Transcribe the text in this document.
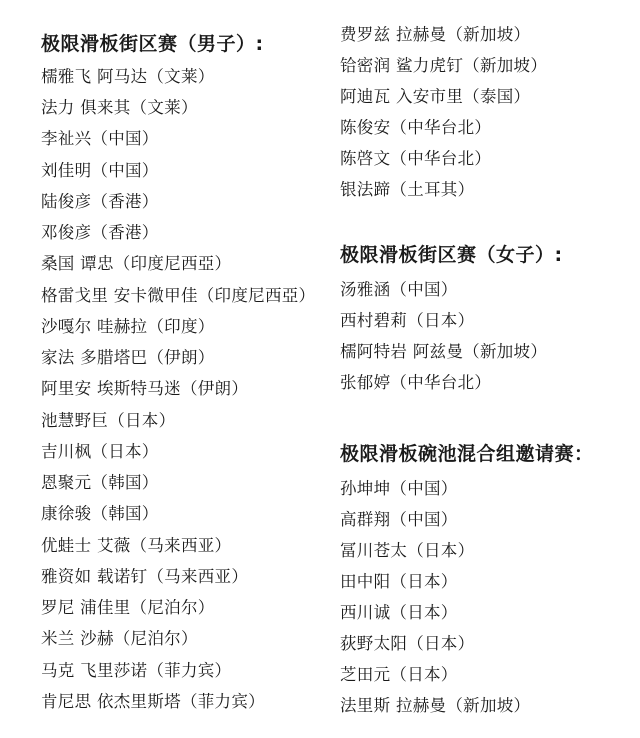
极限滑板街区赛（男子）:
檽雅飞 阿马达（文莱）
法力 俱来其（文莱）
李祉兴（中国）
刘佳明（中国）
陆俊彦（香港）
邓俊彦（香港）
桑国 谭忠（印度尼西亞）
格雷戈里 安卡微甲佳（印度尼西亞）
沙嘎尔 哇赫拉（印度）
家法 多腊塔巴（伊朗）
阿里安 埃斯特马迷（伊朗）
池慧野巨（日本）
吉川枫（日本）
恩聚元（韩国）
康徐骏（韩国）
优蛙士 艾薇（马来西亚）
雅资如 载诺钉（马来西亚）
罗尼 浦佳里（尼泊尔）
米兰 沙赫（尼泊尔）
马克 飞里莎诺（菲力宾）
肯尼思 依杰里斯塔（菲力宾）
费罗兹 拉赫曼（新加坡）
铪密润 鲨力虎钉（新加坡）
阿迪瓦 入安市里（泰国）
陈俊安（中华台北）
陈啓文（中华台北）
银法蹄（土耳其）
极限滑板街区赛（女子）:
汤雅涵（中国）
西村碧莉（日本）
檽阿特岩 阿兹曼（新加坡）
张郁婷（中华台北）
极限滑板碗池混合组邀请赛：
孙坤坤（中国）
高群翔（中国）
冨川苍太（日本）
田中阳（日本）
西川诚（日本）
荻野太阳（日本）
芝田元（日本）
法里斯 拉赫曼（新加坡）
